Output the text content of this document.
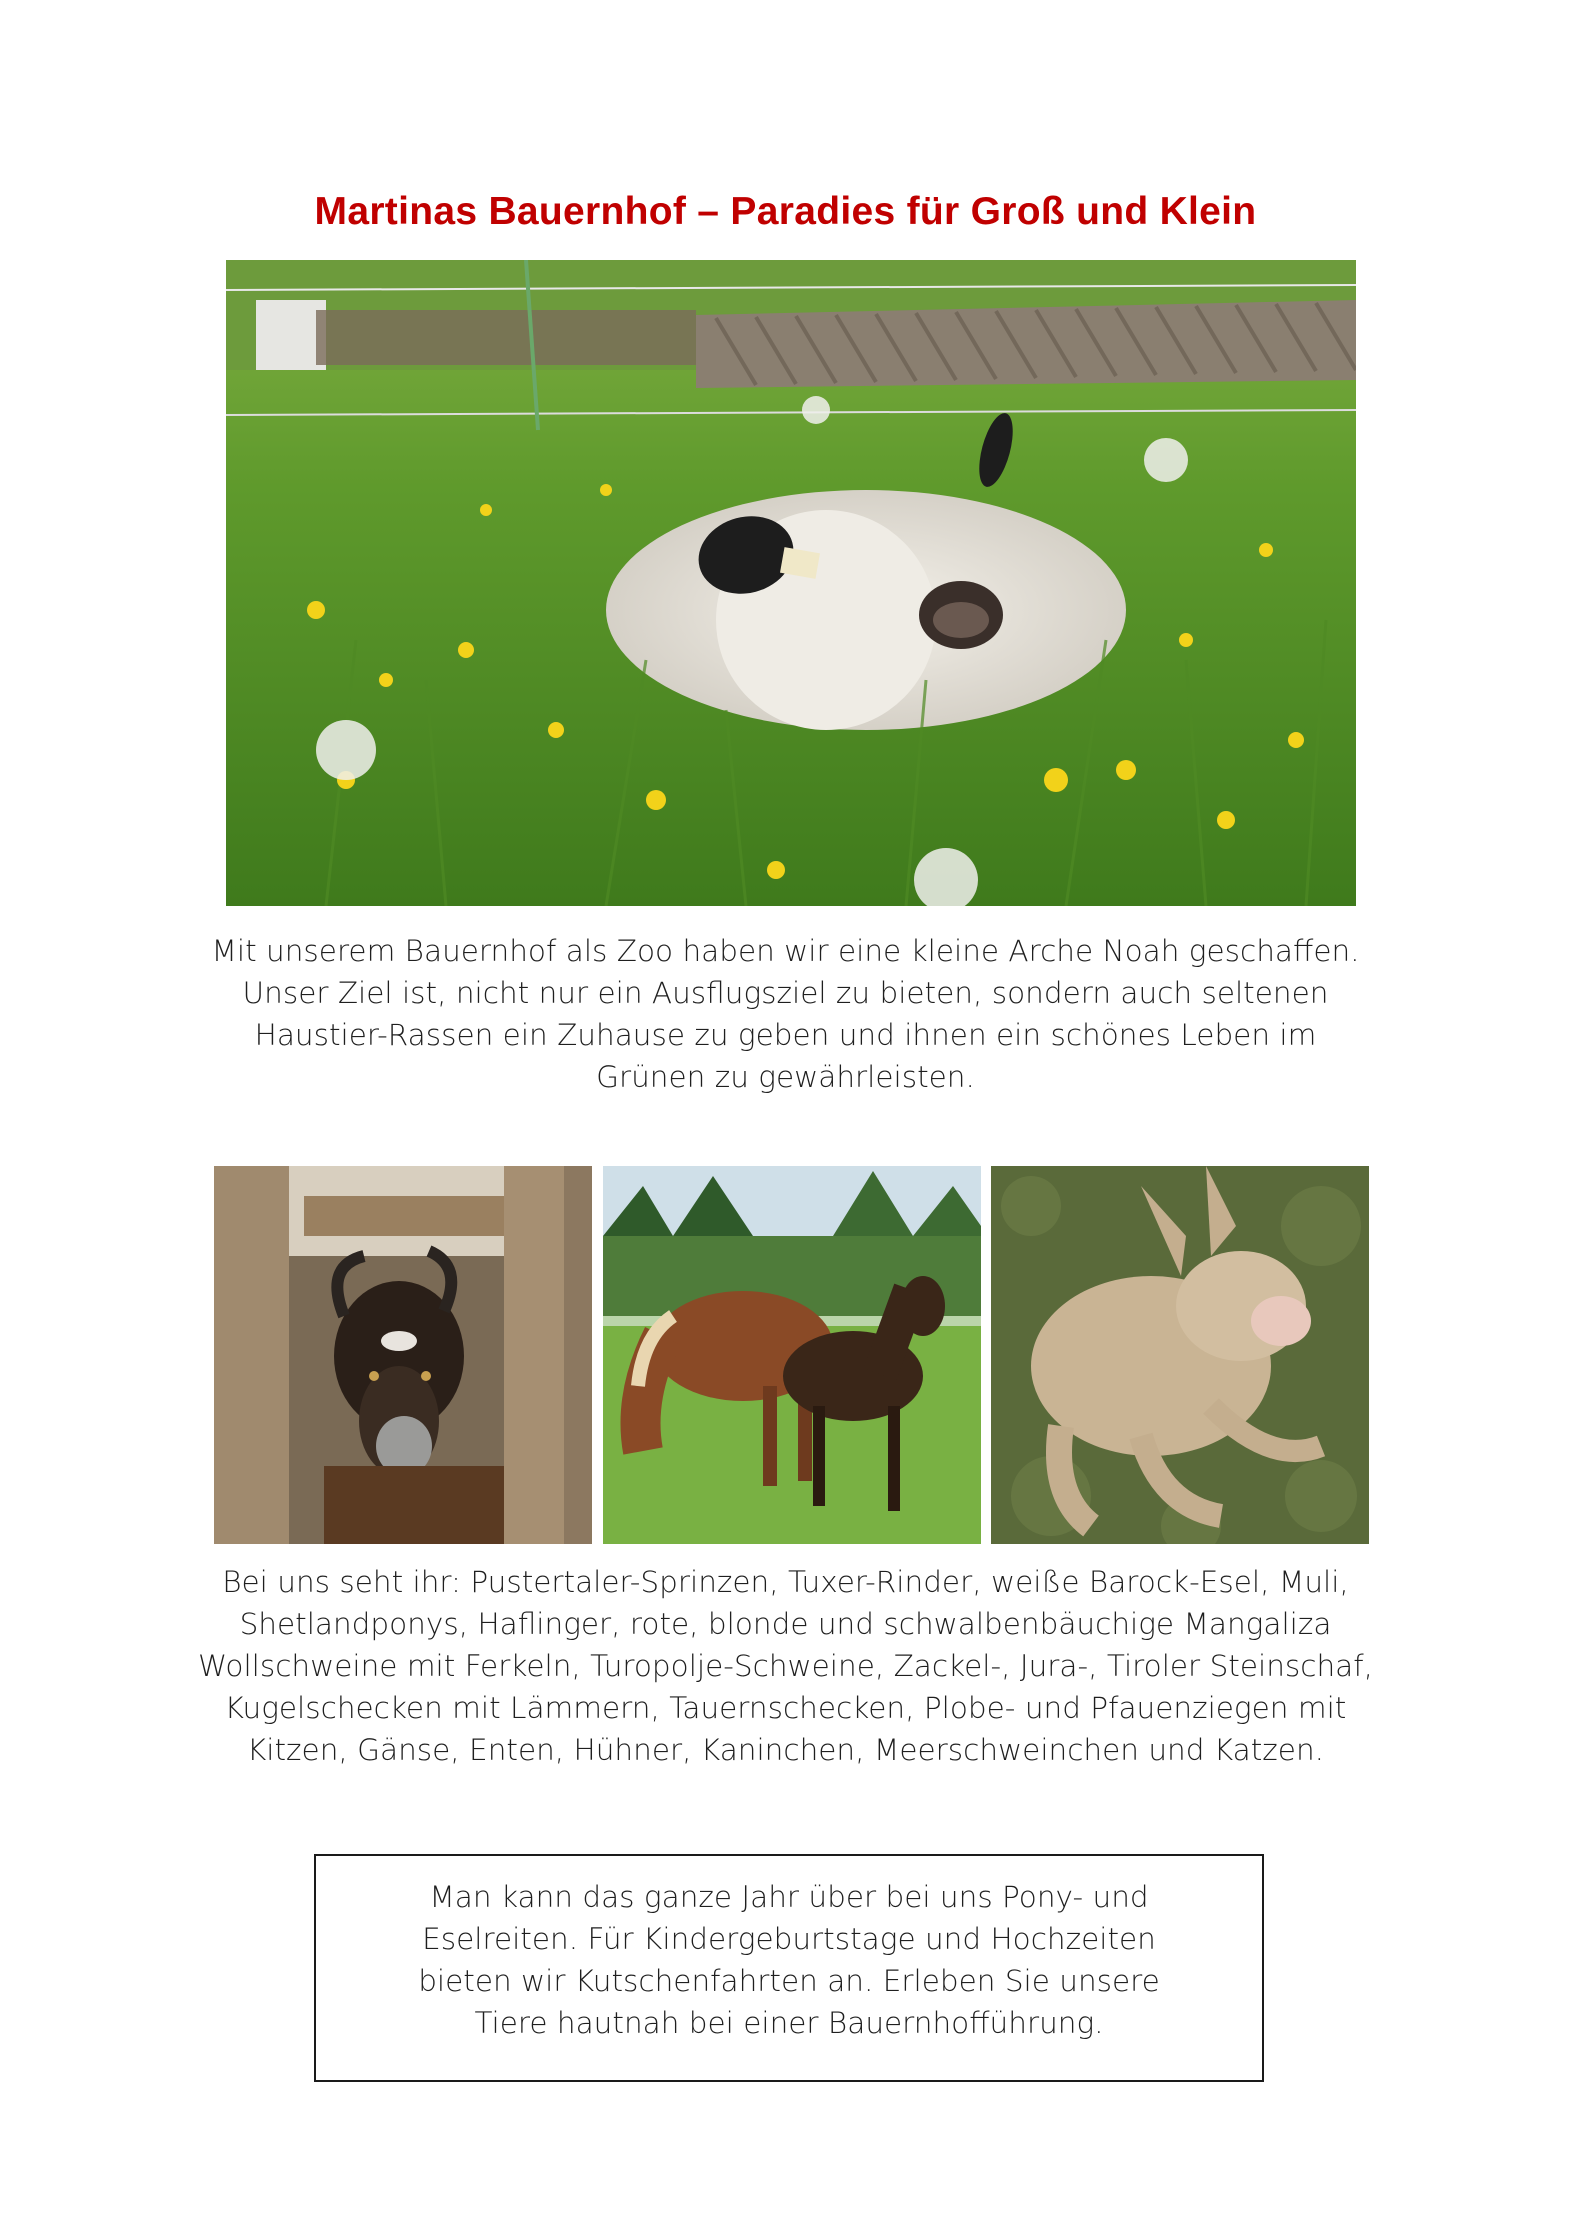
Martinas Bauernhof – Paradies für Groß und Klein
Mit unserem Bauernhof als Zoo haben wir eine kleine Arche Noah geschaffen.
Unser Ziel ist, nicht nur ein Ausflugsziel zu bieten, sondern auch seltenen
Haustier-Rassen ein Zuhause zu geben und ihnen ein schönes Leben im
Grünen zu gewährleisten.
Bei uns seht ihr: Pustertaler-Sprinzen, Tuxer-Rinder, weiße Barock-Esel, Muli,
Shetlandponys, Haflinger, rote, blonde und schwalbenbäuchige Mangaliza
Wollschweine mit Ferkeln, Turopolje-Schweine, Zackel-, Jura-, Tiroler Steinschaf,
Kugelschecken mit Lämmern, Tauernschecken, Plobe- und Pfauenziegen mit
Kitzen, Gänse, Enten, Hühner, Kaninchen, Meerschweinchen und Katzen.
Man kann das ganze Jahr über bei uns Pony- und
Eselreiten. Für Kindergeburtstage und Hochzeiten
bieten wir Kutschenfahrten an. Erleben Sie unsere
Tiere hautnah bei einer Bauernhofführung.
